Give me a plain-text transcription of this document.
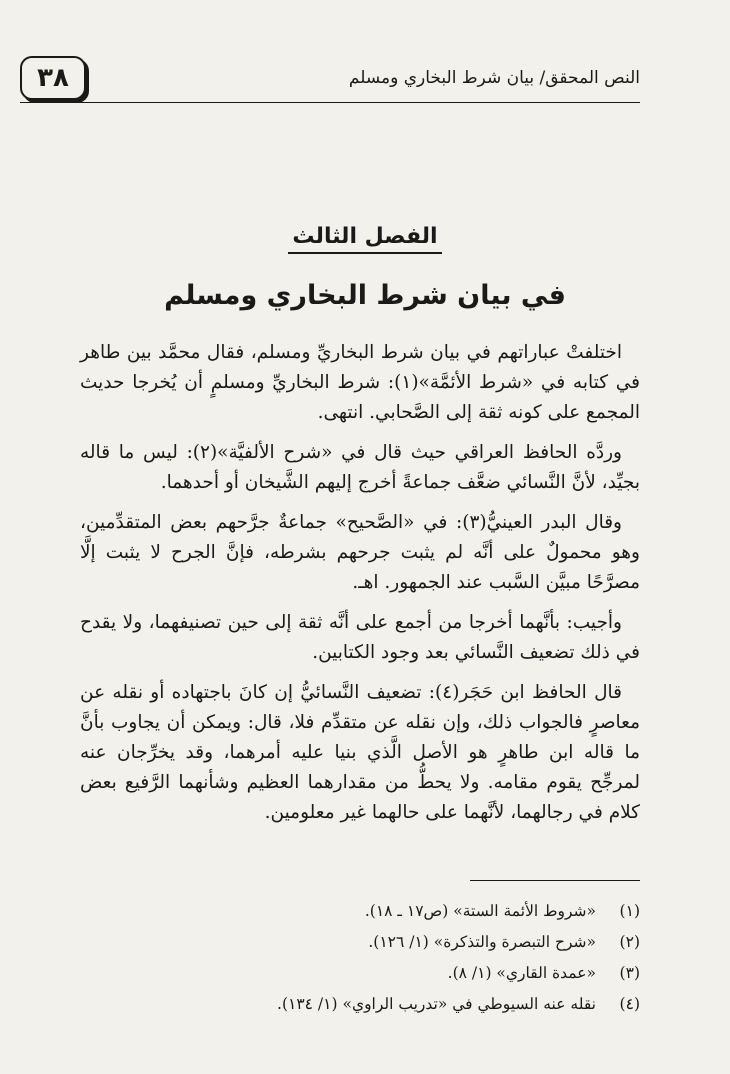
٣٨	النص المحقق/ بيان شرط البخاري ومسلم
الفصل الثالث
في بيان شرط البخاري ومسلم

اختلفتْ عباراتهم في بيان شرط البخاريِّ ومسلم، فقال محمَّد بين طاهر في كتابه في «شرط الأئمَّة»(١): شرط البخاريِّ ومسلمٍ أن يُخرجا حديث المجمع على كونه ثقة إلى الصَّحابي. انتهى.

وردَّه الحافظ العراقي حيث قال في «شرح الألفيَّة»(٢): ليس ما قاله بجيِّد، لأنَّ النَّسائي ضعَّف جماعةً أخرج إليهم الشَّيخان أو أحدهما.

وقال البدر العينيُّ(٣): في «الصَّحيح» جماعةٌ جرَّحهم بعض المتقدِّمين، وهو محمولٌ على أنَّه لم يثبت جرحهم بشرطه، فإنَّ الجرح لا يثبت إلَّا مصرَّحًا مبيَّن السَّبب عند الجمهور. اهـ.

وأجيب: بأنَّهما أخرجا من أجمع على أنَّه ثقة إلى حين تصنيفهما، ولا يقدح في ذلك تضعيف النَّسائي بعد وجود الكتابين.

قال الحافظ ابن حَجَر(٤): تضعيف النَّسائيُّ إن كانَ باجتهاده أو نقله عن معاصرٍ فالجواب ذلك، وإن نقله عن متقدِّم فلا، قال: ويمكن أن يجاوب بأنَّ ما قاله ابن طاهرٍ هو الأصل الَّذي بنيا عليه أمرهما، وقد يخرِّجان عنه لمرجِّح يقوم مقامه. ولا يحطُّ من مقدارهما العظيم وشأنهما الرَّفيع بعض كلام في رجالهما، لأنَّهما على حالهما غير معلومين.

(١)
«شروط الأئمة الستة» (ص١٧ ـ ١٨).
(٢)
«شرح التبصرة والتذكرة» (١/ ١٢٦).
(٣)
«عمدة القاري» (١/ ٨).
(٤)
نقله عنه السيوطي في «تدريب الراوي» (١/ ١٣٤).
